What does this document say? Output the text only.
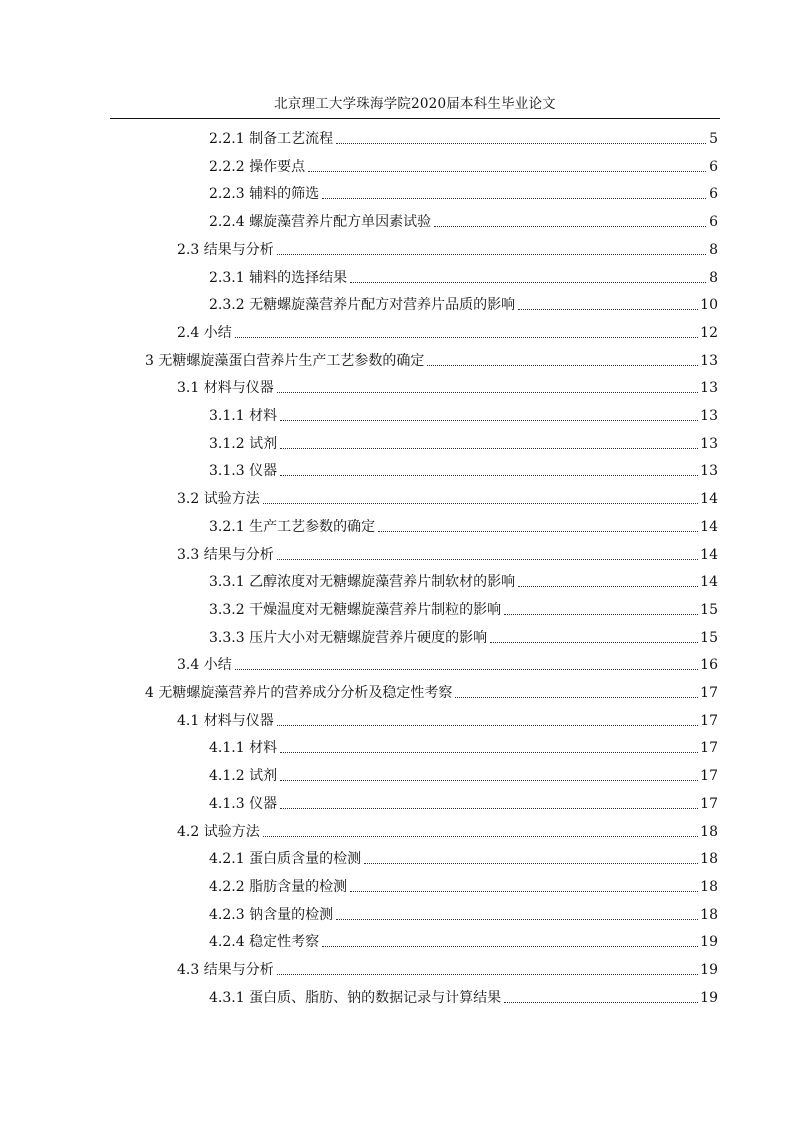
北京理工大学珠海学院2020届本科生毕业论文
2.2.1 制备工艺流程	5
2.2.2 操作要点	6
2.2.3 辅料的筛选	6
2.2.4 螺旋藻营养片配方单因素试验	6
2.3 结果与分析	8
2.3.1 辅料的选择结果	8
2.3.2 无糖螺旋藻营养片配方对营养片品质的影响	10
2.4 小结	12
3 无糖螺旋藻蛋白营养片生产工艺参数的确定	13
3.1 材料与仪器	13
3.1.1 材料	13
3.1.2 试剂	13
3.1.3 仪器	13
3.2 试验方法	14
3.2.1 生产工艺参数的确定	14
3.3 结果与分析	14
3.3.1 乙醇浓度对无糖螺旋藻营养片制软材的影响	14
3.3.2 干燥温度对无糖螺旋藻营养片制粒的影响	15
3.3.3 压片大小对无糖螺旋营养片硬度的影响	15
3.4 小结	16
4 无糖螺旋藻营养片的营养成分分析及稳定性考察	17
4.1 材料与仪器	17
4.1.1 材料	17
4.1.2 试剂	17
4.1.3 仪器	17
4.2 试验方法	18
4.2.1 蛋白质含量的检测	18
4.2.2 脂肪含量的检测	18
4.2.3 钠含量的检测	18
4.2.4 稳定性考察	19
4.3 结果与分析	19
4.3.1 蛋白质、脂肪、钠的数据记录与计算结果	19
